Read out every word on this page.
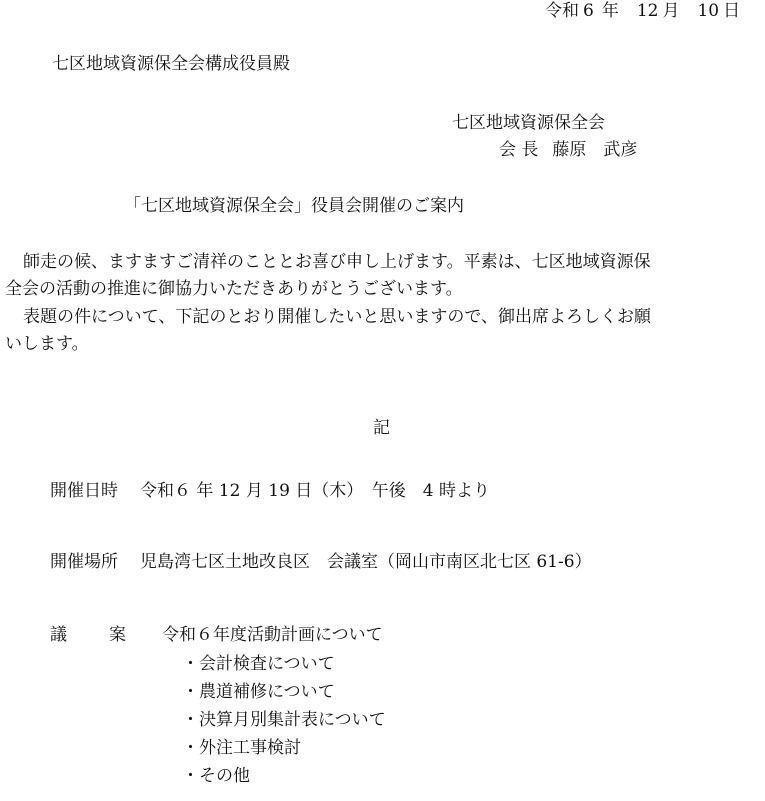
令和 6 年 12 月 10 日
七区地域資源保全会構成役員殿
七区地域資源保全会
会 長 藤原　武彦
「七区地域資源保全会」役員会開催のご案内
師走の候、ますますご清祥のこととお喜び申し上げます。平素は、七区地域資源保
全会の活動の推進に御協力いただきありがとうございます。
表題の件について、下記のとおり開催したいと思いますので、御出席よろしくお願
いします。
記
開催日時 令和６ 年 12 月 19 日（木）　午後　4 時より
開催場所 児島湾七区土地改良区　会議室（岡山市南区北七区 61-6）
議 案 令和６年度活動計画について
・会計検査について
・農道補修について
・決算月別集計表について
・外注工事検討
・その他
